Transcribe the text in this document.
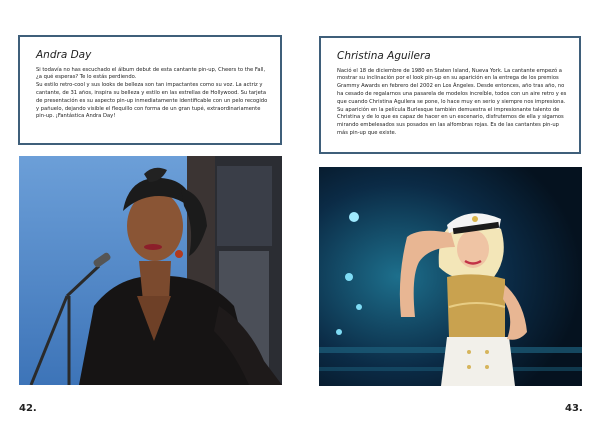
Andra Day

Si todavía no has escuchado el álbum debut de esta cantante pin-up, Cheers to the Fall, ¿a qué esperas? Te lo estás perdiendo.

Su estilo retro-cool y sus looks de belleza son tan impactantes como su voz. La actriz y cantante, de 31 años, inspira su belleza y estilo en las estrellas de Hollywood. Su tarjeta de presentación es su aspecto pin-up inmediatamente identificable con un pelo recogido y pañuelo, dejando visible el flequillo con forma de un gran tupé, extraordinariamente pin-up. ¡Fantástica Andra Day!

42.
Christina Aguilera

Nació el 18 de diciembre de 1980 en Staten Island, Nueva York. La cantante empezó a mostrar su inclinación por el look pin-up en su aparición en la entrega de los premios Grammy Awards en febrero del 2002 en Los Ángeles. Desde entonces, año tras año, no ha cesado de regalarnos una pasarela de modelos increíble, todos con un aire retro y es que cuando Christina Aguilera se pone, lo hace muy en serio y siempre nos impresiona.

Su aparición en la película Burlesque también demuestra el impresionante talento de Christina y de lo que es capaz de hacer en un escenario, disfrutemos de ella y sigamos mirando embelesados sus posados en las alfombras rojas. Es de las cantantes pin-up más pin-up que existe.

43.
